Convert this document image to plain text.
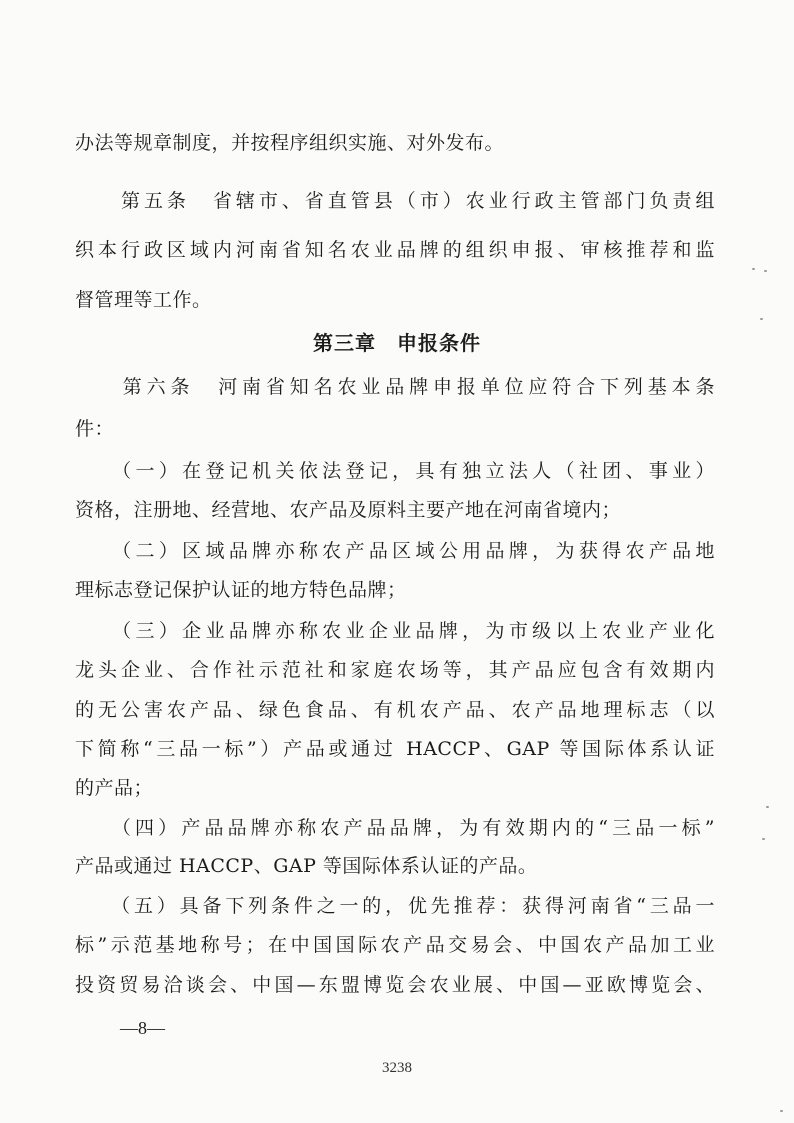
办法等规章制度，并按程序组织实施、对外发布。
　　第五条　省辖市、省直管县（市）农业行政主管部门负责组
织本行政区域内河南省知名农业品牌的组织申报、审核推荐和监
督管理等工作。
第三章　申报条件
　　第六条　河南省知名农业品牌申报单位应符合下列基本条
件：
　　（一）在登记机关依法登记，具有独立法人（社团、事业）
资格，注册地、经营地、农产品及原料主要产地在河南省境内；
　　（二）区域品牌亦称农产品区域公用品牌，为获得农产品地
理标志登记保护认证的地方特色品牌；
　　（三）企业品牌亦称农业企业品牌，为市级以上农业产业化
龙头企业、合作社示范社和家庭农场等，其产品应包含有效期内
的无公害农产品、绿色食品、有机农产品、农产品地理标志（以
下简称“三品一标”）产品或通过 HACCP、GAP 等国际体系认证
的产品；
　　（四）产品品牌亦称农产品品牌，为有效期内的“三品一标”
产品或通过 HACCP、GAP 等国际体系认证的产品。
　　（五）具备下列条件之一的，优先推荐：获得河南省“三品一
标”示范基地称号；在中国国际农产品交易会、中国农产品加工业
投资贸易洽谈会、中国—东盟博览会农业展、中国—亚欧博览会、
—8—
3238
